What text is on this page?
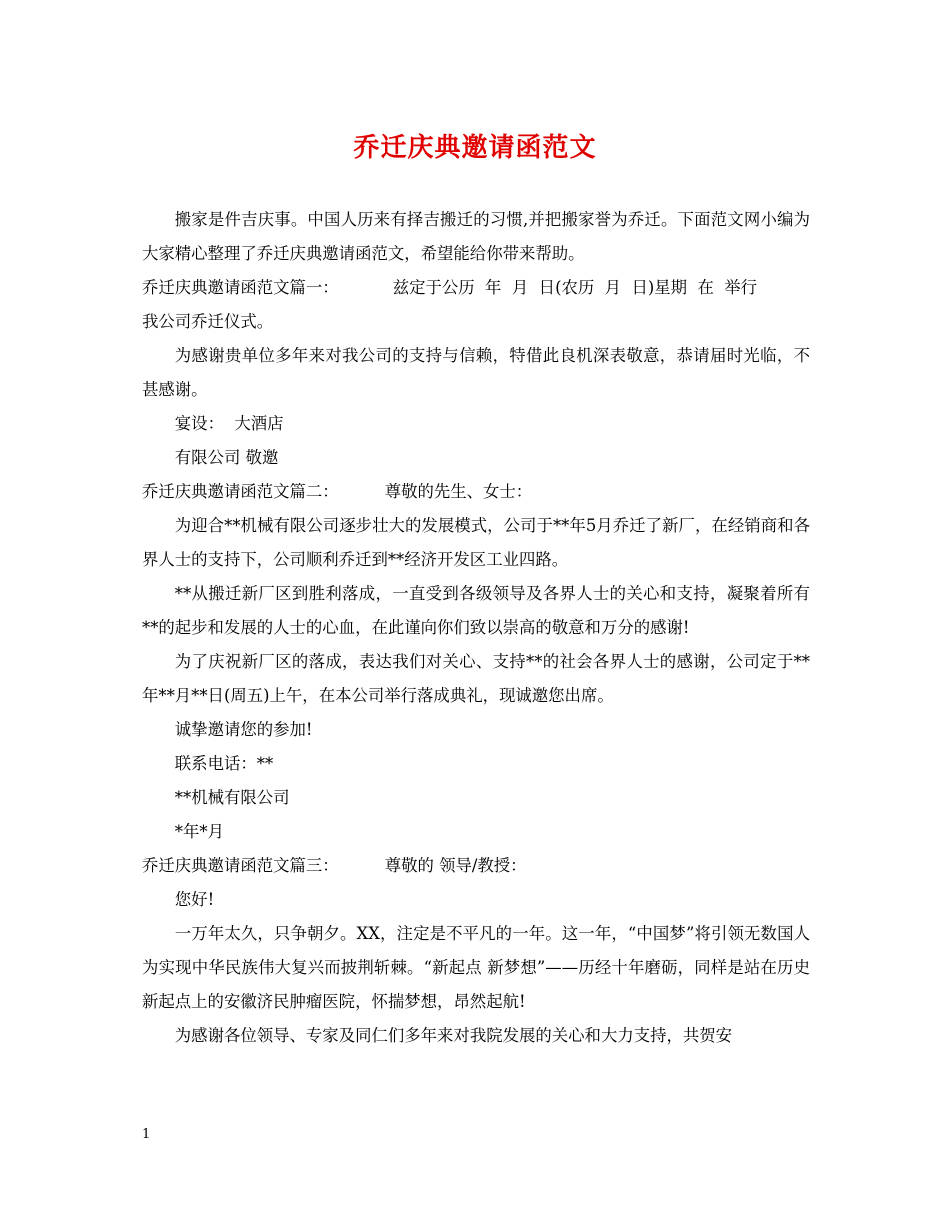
乔迁庆典邀请函范文

搬家是件吉庆事。中国人历来有择吉搬迁的习惯,并把搬家誉为乔迁。下面范文网小编为大家精心整理了乔迁庆典邀请函范文，希望能给你带来帮助。

乔迁庆典邀请函范文篇一：	兹定于公历  年  月  日(农历  月  日)星期  在  举行

我公司乔迁仪式。

为感谢贵单位多年来对我公司的支持与信赖，特借此良机深表敬意，恭请届时光临，不甚感谢。

宴设：  大酒店

有限公司 敬邀

乔迁庆典邀请函范文篇二：	尊敬的先生、女士：

为迎合**机械有限公司逐步壮大的发展模式，公司于**年5月乔迁了新厂，在经销商和各界人士的支持下，公司顺利乔迁到**经济开发区工业四路。

**从搬迁新厂区到胜利落成，一直受到各级领导及各界人士的关心和支持，凝聚着所有**的起步和发展的人士的心血，在此谨向你们致以崇高的敬意和万分的感谢!

为了庆祝新厂区的落成，表达我们对关心、支持**的社会各界人士的感谢，公司定于**年**月**日(周五)上午，在本公司举行落成典礼，现诚邀您出席。

诚挚邀请您的参加!

联系电话：**

**机械有限公司

*年*月

乔迁庆典邀请函范文篇三：	尊敬的 领导/教授：

您好!

一万年太久，只争朝夕。XX，注定是不平凡的一年。这一年，“中国梦”将引领无数国人为实现中华民族伟大复兴而披荆斩棘。“新起点 新梦想”——历经十年磨砺，同样是站在历史新起点上的安徽济民肿瘤医院，怀揣梦想，昂然起航!

为感谢各位领导、专家及同仁们多年来对我院发展的关心和大力支持，共贺安

1
